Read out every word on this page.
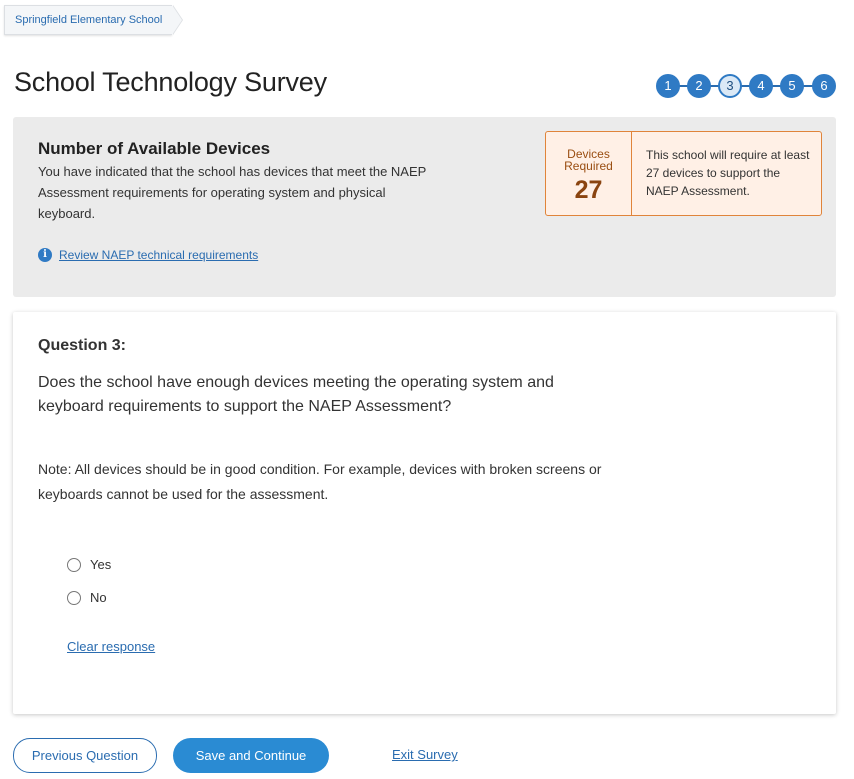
Springfield Elementary School
School Technology Survey	1	2	3	4	5	6
Number of Available Devices
You have indicated that the school has devices that meet the NAEP Assessment requirements for operating system and physical keyboard.
i	Review NAEP technical requirements
Devices Required
27
This school will require at least 27 devices to support the NAEP Assessment.
Question 3:
Does the school have enough devices meeting the operating system and keyboard requirements to support the NAEP Assessment?
Note: All devices should be in good condition. For example, devices with broken screens or keyboards cannot be used for the assessment.
Yes
No
Clear response
Previous Question	Save and Continue	Exit Survey
